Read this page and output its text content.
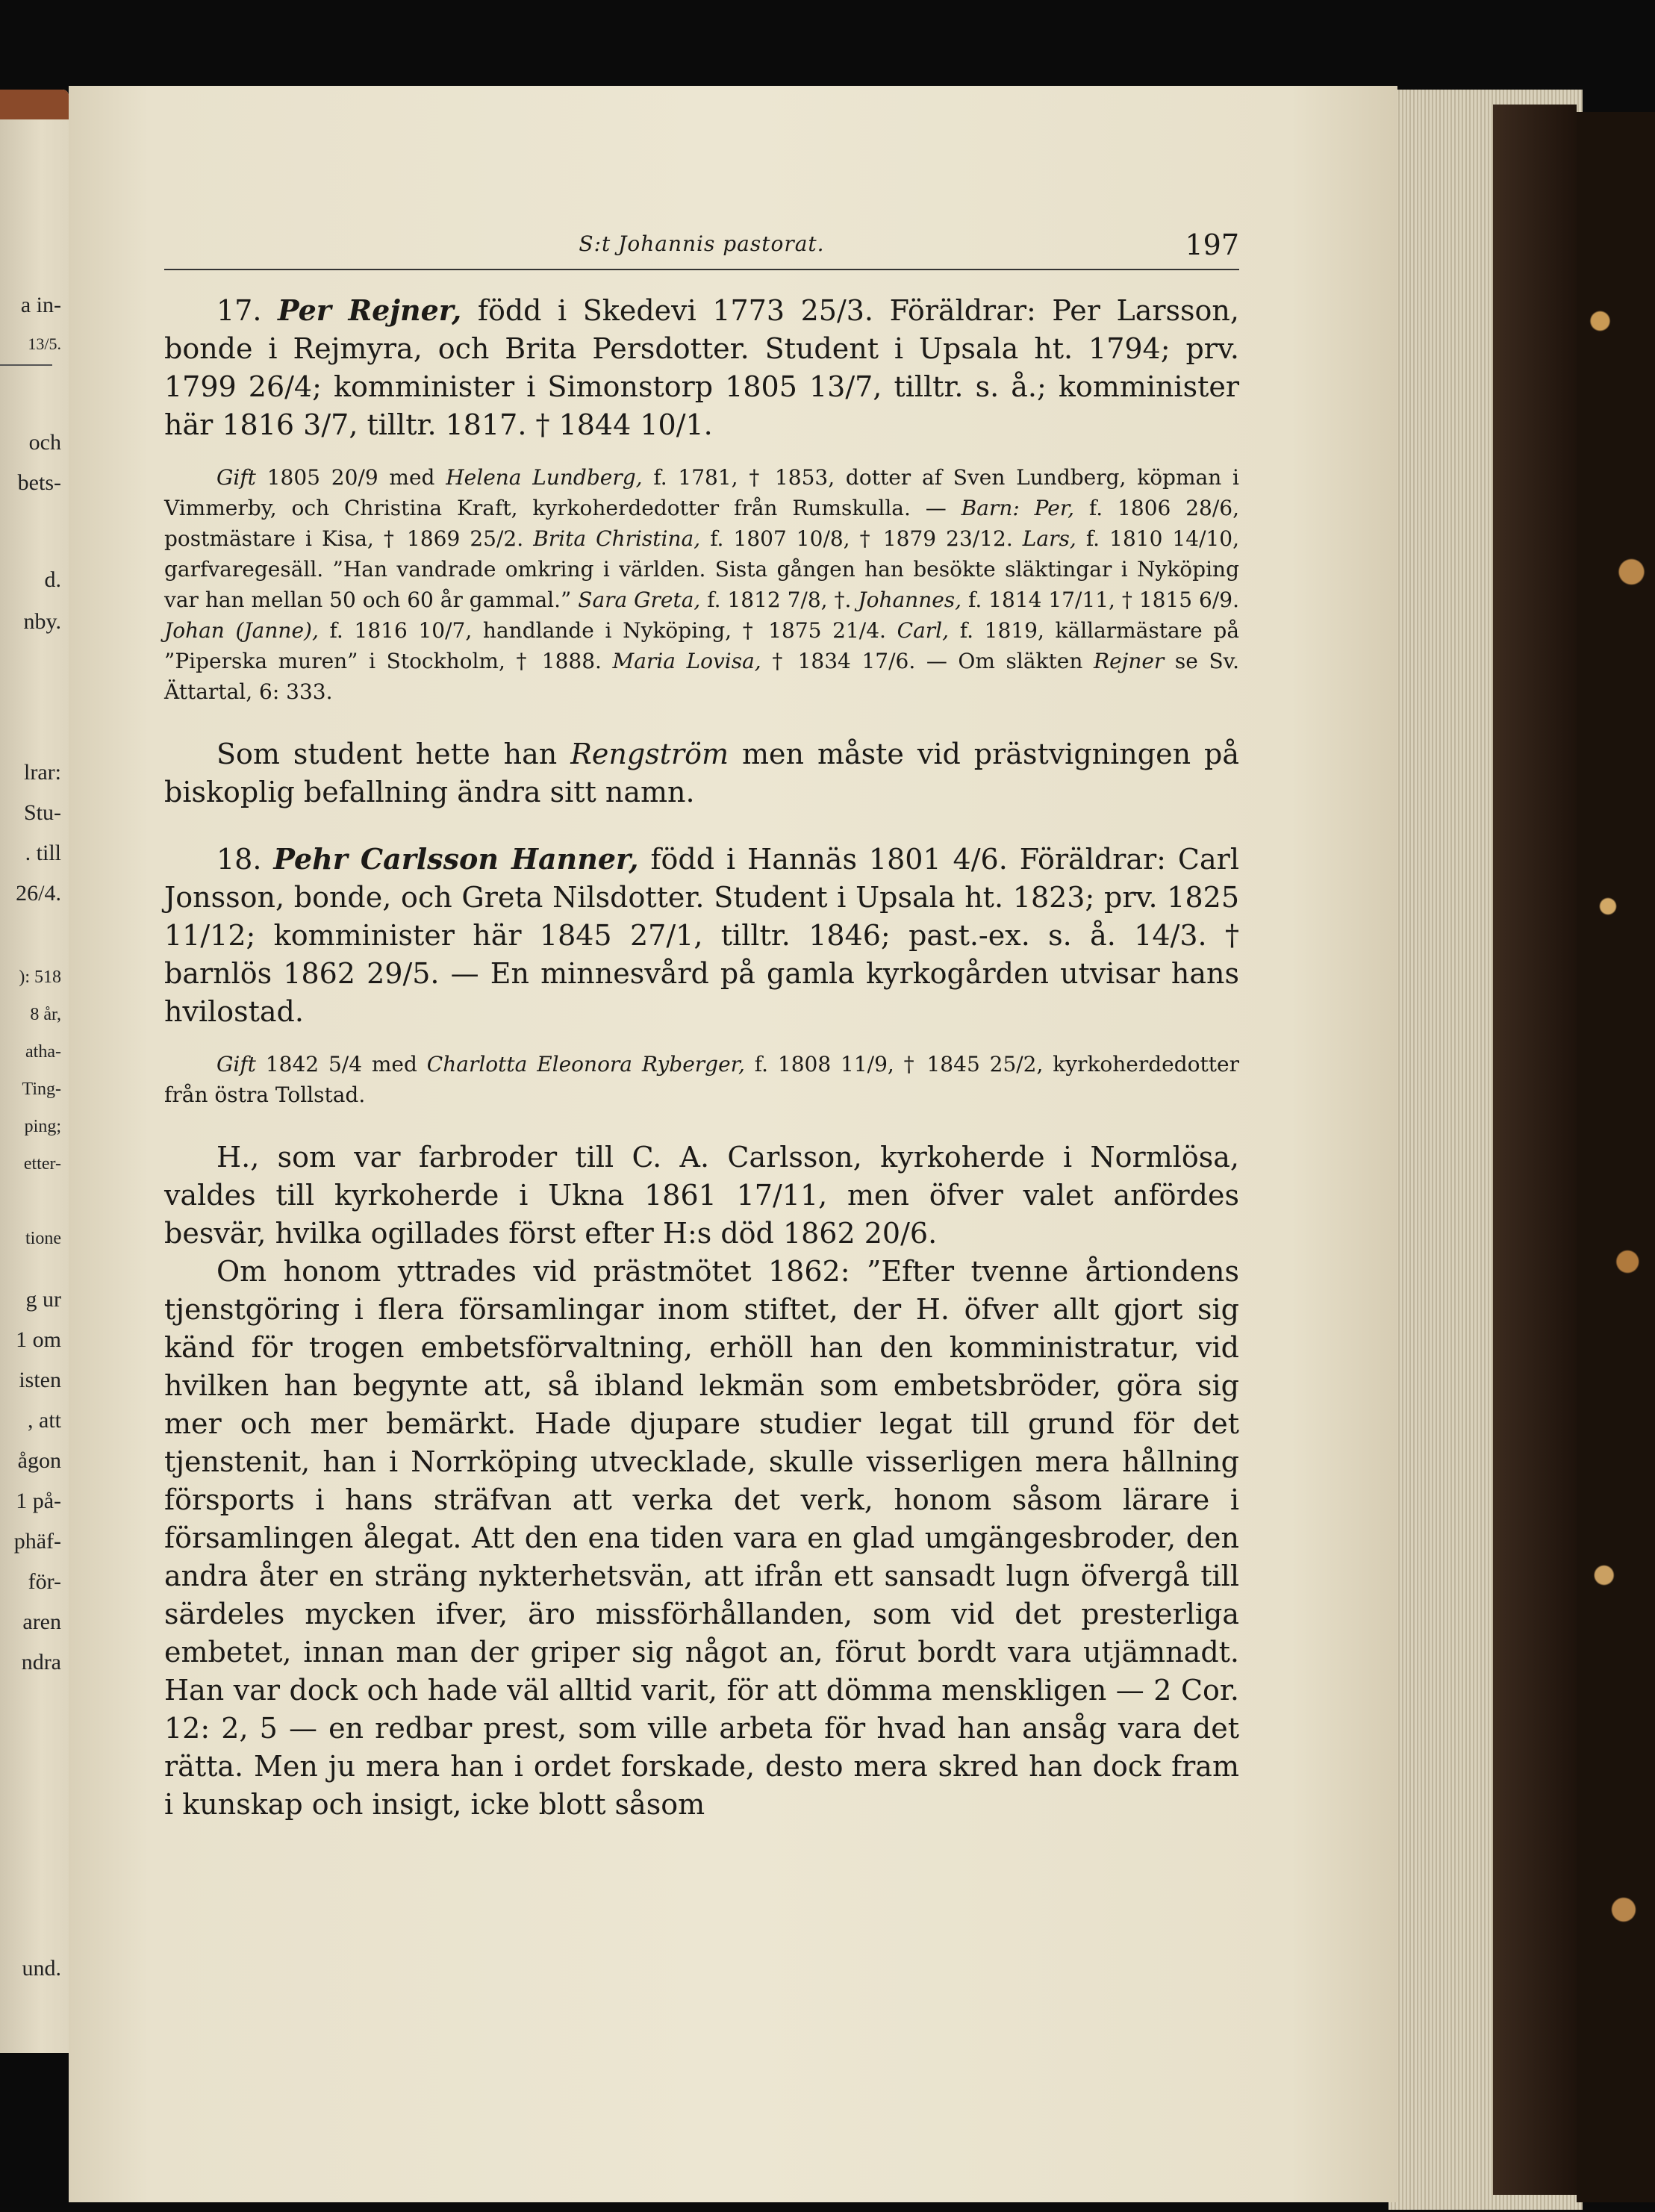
a in-
13/5.
och
bets-
d.
nby.
lrar:
Stu-
. till
26/4.
): 518
8 år,
atha-
Ting-
ping;
etter-
tione
g ur
1 om
isten
, att
ågon
1 på-
phäf-
för-
aren
ndra
und.
S:t Johannis pastorat.	197

17. Per Rejner, född i Skedevi 1773 25/3. Föräldrar: Per Larsson, bonde i Rejmyra, och Brita Persdotter. Student i Upsala ht. 1794; prv. 1799 26/4; komminister i Simonstorp 1805 13/7, tilltr. s. å.; komminister här 1816 3/7, tilltr. 1817. † 1844 10/1.

Gift 1805 20/9 med Helena Lundberg, f. 1781, † 1853, dotter af Sven Lundberg, köpman i Vimmerby, och Christina Kraft, kyrkoherdedotter från Rumskulla. — Barn: Per, f. 1806 28/6, postmästare i Kisa, † 1869 25/2. Brita Christina, f. 1807 10/8, † 1879 23/12. Lars, f. 1810 14/10, garfvaregesäll. ”Han vandrade omkring i världen. Sista gången han besökte släktingar i Nyköping var han mellan 50 och 60 år gammal.” Sara Greta, f. 1812 7/8, †. Johannes, f. 1814 17/11, † 1815 6/9. Johan (Janne), f. 1816 10/7, handlande i Nyköping, † 1875 21/4. Carl, f. 1819, källarmästare på ”Piperska muren” i Stockholm, † 1888. Maria Lovisa, † 1834 17/6. — Om släkten Rejner se Sv. Ättartal, 6: 333.

Som student hette han Rengström men måste vid prästvigningen på biskoplig befallning ändra sitt namn.

18. Pehr Carlsson Hanner, född i Hannäs 1801 4/6. Föräldrar: Carl Jonsson, bonde, och Greta Nilsdotter. Student i Upsala ht. 1823; prv. 1825 11/12; komminister här 1845 27/1, tilltr. 1846; past.-ex. s. å. 14/3. † barnlös 1862 29/5. — En minnesvård på gamla kyrkogården utvisar hans hvilostad.

Gift 1842 5/4 med Charlotta Eleonora Ryberger, f. 1808 11/9, † 1845 25/2, kyrkoherdedotter från östra Tollstad.

H., som var farbroder till C. A. Carlsson, kyrkoherde i Normlösa, valdes till kyrkoherde i Ukna 1861 17/11, men öfver valet anfördes besvär, hvilka ogillades först efter H:s död 1862 20/6.

Om honom yttrades vid prästmötet 1862: ”Efter tvenne årtiondens tjenstgöring i flera församlingar inom stiftet, der H. öfver allt gjort sig känd för trogen embetsförvaltning, erhöll han den komministratur, vid hvilken han begynte att, så ibland lekmän som embetsbröder, göra sig mer och mer bemärkt. Hade djupare studier legat till grund för det tjenstenit, han i Norrköping utvecklade, skulle visserligen mera hållning försports i hans sträfvan att verka det verk, honom såsom lärare i församlingen ålegat. Att den ena tiden vara en glad umgängesbroder, den andra åter en sträng nykterhetsvän, att ifrån ett sansadt lugn öfvergå till särdeles mycken ifver, äro missförhållanden, som vid det presterliga embetet, innan man der griper sig något an, förut bordt vara utjämnadt. Han var dock och hade väl alltid varit, för att dömma menskligen — 2 Cor. 12: 2, 5 — en redbar prest, som ville arbeta för hvad han ansåg vara det rätta. Men ju mera han i ordet forskade, desto mera skred han dock fram i kunskap och insigt, icke blott såsom
